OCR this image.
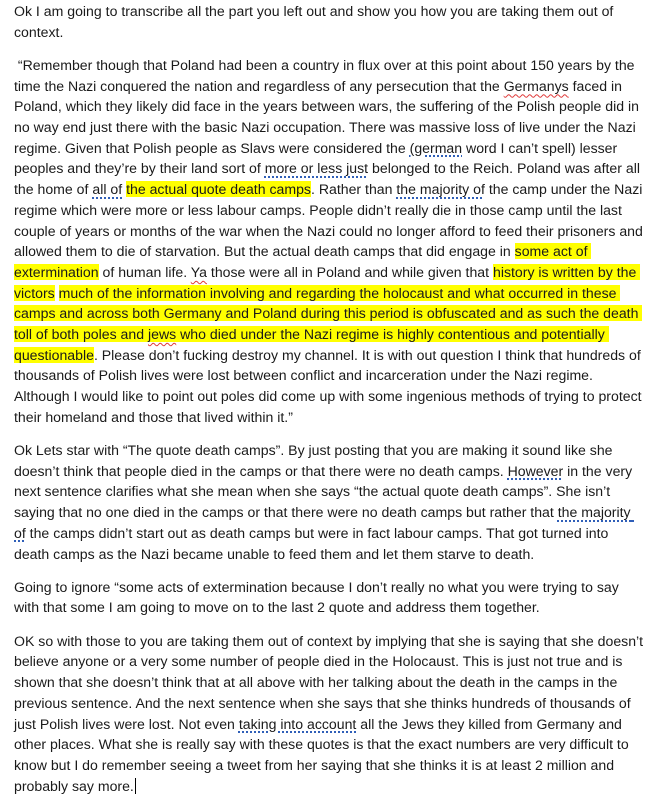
Ok I am going to transcribe all the part you left out and show you how you are taking them out of context.

“Remember though that Poland had been a country in flux over at this point about 150 years by the time the Nazi conquered the nation and regardless of any persecution that the Germanys faced in Poland, which they likely did face in the years between wars, the suffering of the Polish people did in no way end just there with the basic Nazi occupation. There was massive loss of live under the Nazi regime. Given that Polish people as Slavs were considered the (german word I can’t spell) lesser peoples and they’re by their land sort of more or less just belonged to the Reich. Poland was after all the home of all of the actual quote death camps. Rather than the majority of the camp under the Nazi regime which were more or less labour camps. People didn’t really die in those camp until the last couple of years or months of the war when the Nazi could no longer afford to feed their prisoners and allowed them to die of starvation. But the actual death camps that did engage in some act of extermination of human life. Ya those were all in Poland and while given that history is written by the victors much of the information involving and regarding the holocaust and what occurred in these camps and across both Germany and Poland during this period is obfuscated and as such the death toll of both poles and jews who died under the Nazi regime is highly contentious and potentially questionable. Please don’t fucking destroy my channel. It is with out question I think that hundreds of thousands of Polish lives were lost between conflict and incarceration under the Nazi regime. Although I would like to point out poles did come up with some ingenious methods of trying to protect their homeland and those that lived within it.”

Ok Lets star with “The quote death camps”. By just posting that you are making it sound like she doesn’t think that people died in the camps or that there were no death camps. However in the very next sentence clarifies what she mean when she says “the actual quote death camps”. She isn’t saying that no one died in the camps or that there were no death camps but rather that the majority of the camps didn’t start out as death camps but were in fact labour camps. That got turned into death camps as the Nazi became unable to feed them and let them starve to death.

Going to ignore “some acts of extermination because I don’t really no what you were trying to say with that some I am going to move on to the last 2 quote and address them together.

OK so with those to you are taking them out of context by implying that she is saying that she doesn’t believe anyone or a very some number of people died in the Holocaust. This is just not true and is shown that she doesn’t think that at all above with her talking about the death in the camps in the previous sentence. And the next sentence when she says that she thinks hundreds of thousands of just Polish lives were lost. Not even taking into account all the Jews they killed from Germany and other places. What she is really say with these quotes is that the exact numbers are very difficult to know but I do remember seeing a tweet from her saying that she thinks it is at least 2 million and probably say more.
